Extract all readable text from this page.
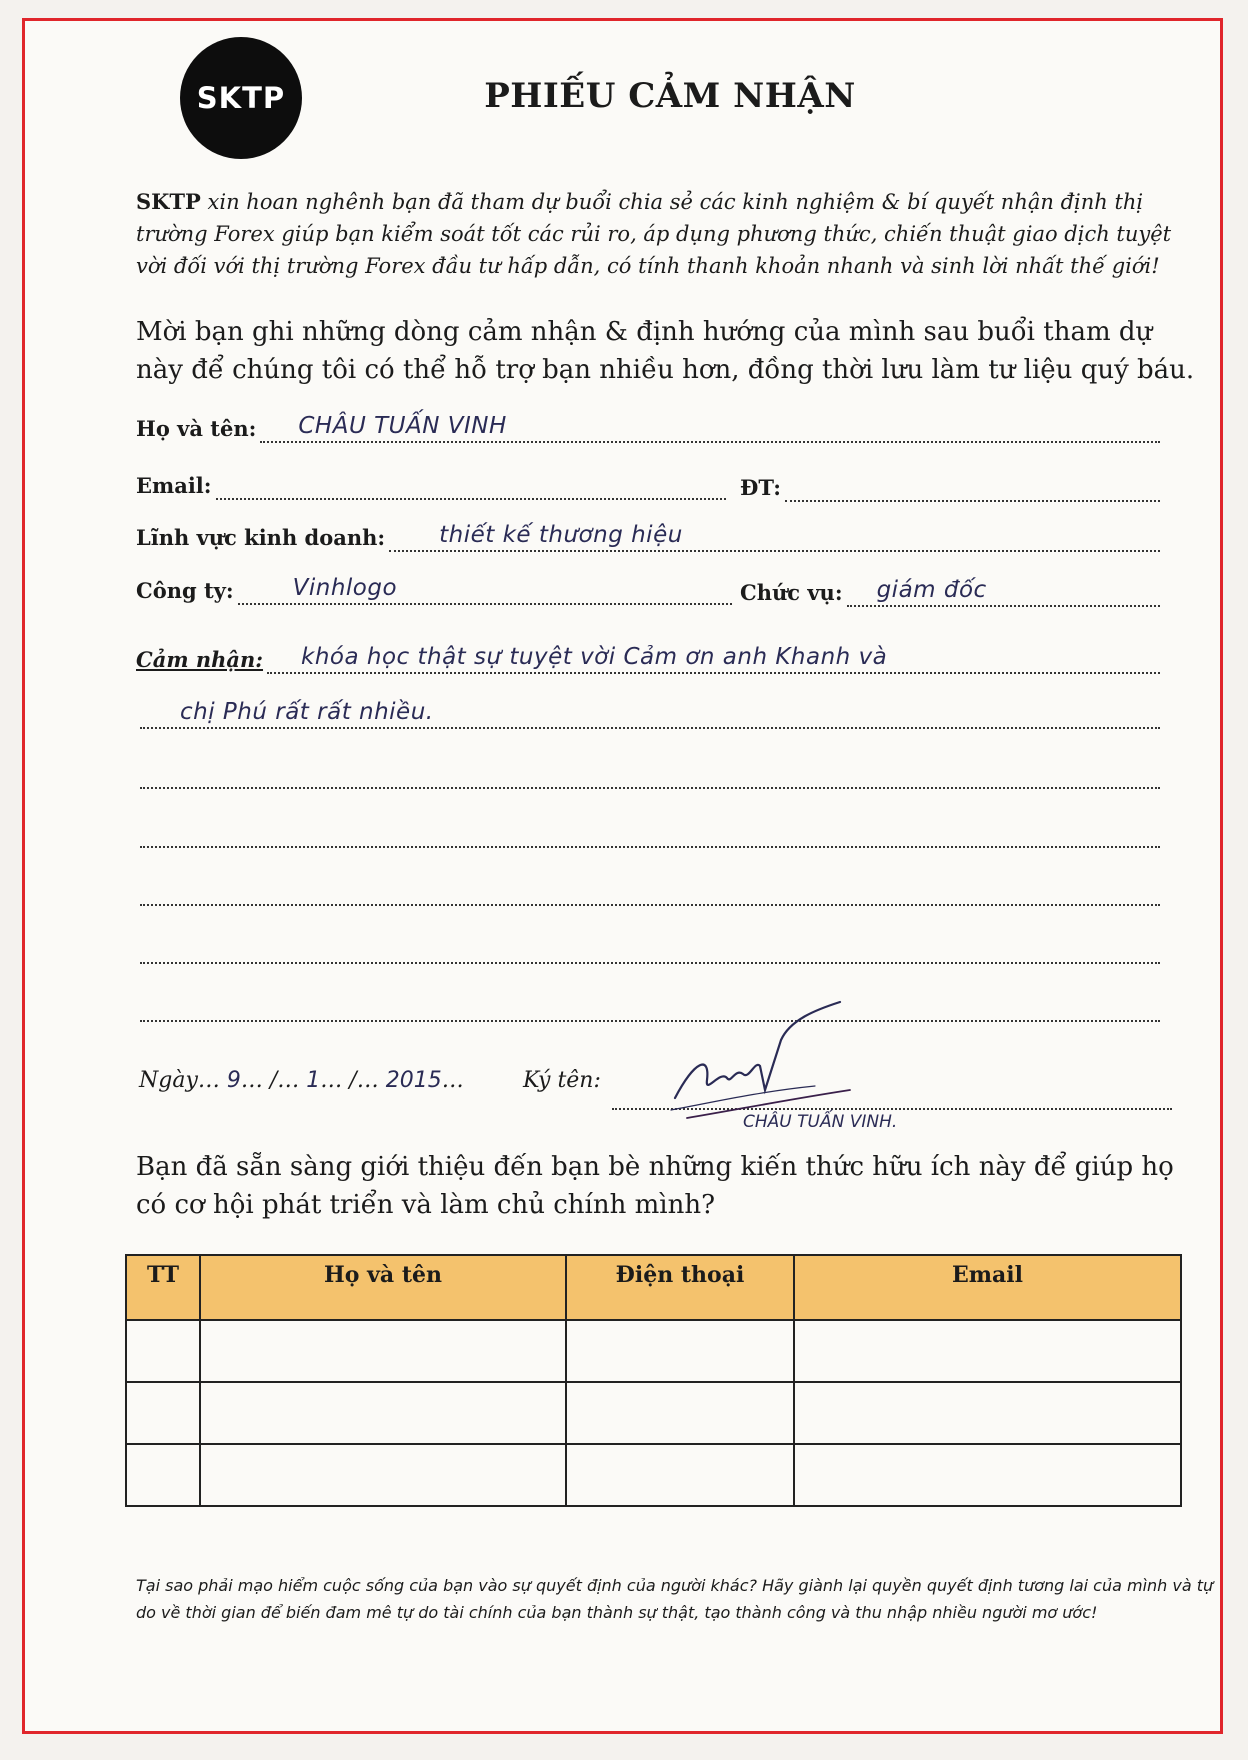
SKTP	PHIẾU CẢM NHẬN
SKTP xin hoan nghênh bạn đã tham dự buổi chia sẻ các kinh nghiệm & bí quyết nhận định thị trường Forex giúp bạn kiểm soát tốt các rủi ro, áp dụng phương thức, chiến thuật giao dịch tuyệt vời đối với thị trường Forex đầu tư hấp dẫn, có tính thanh khoản nhanh và sinh lời nhất thế giới!
Mời bạn ghi những dòng cảm nhận & định hướng của mình sau buổi tham dự này để chúng tôi có thể hỗ trợ bạn nhiều hơn, đồng thời lưu làm tư liệu quý báu.
Họ và tên: CHÂU TUẤN VINH
Email:	ĐT:
Lĩnh vực kinh doanh: thiết kế thương hiệu
Công ty:	Vinhlogo	Chức vụ: giám đốc
Cảm nhận: khóa học thật sự tuyệt vời Cảm ơn anh Khanh và
chị Phú rất rất nhiều.
Ngày… 9… /… 1… /… 2015…	Ký tên:
CHÂU TUẤN VINH.
Bạn đã sẵn sàng giới thiệu đến bạn bè những kiến thức hữu ích này để giúp họ có cơ hội phát triển và làm chủ chính mình?
TT	Họ và tên	Điện thoại	Email

Tại sao phải mạo hiểm cuộc sống của bạn vào sự quyết định của người khác? Hãy giành lại quyền quyết định tương lai của mình và tự do về thời gian để biến đam mê tự do tài chính của bạn thành sự thật, tạo thành công và thu nhập nhiều người mơ ước!
